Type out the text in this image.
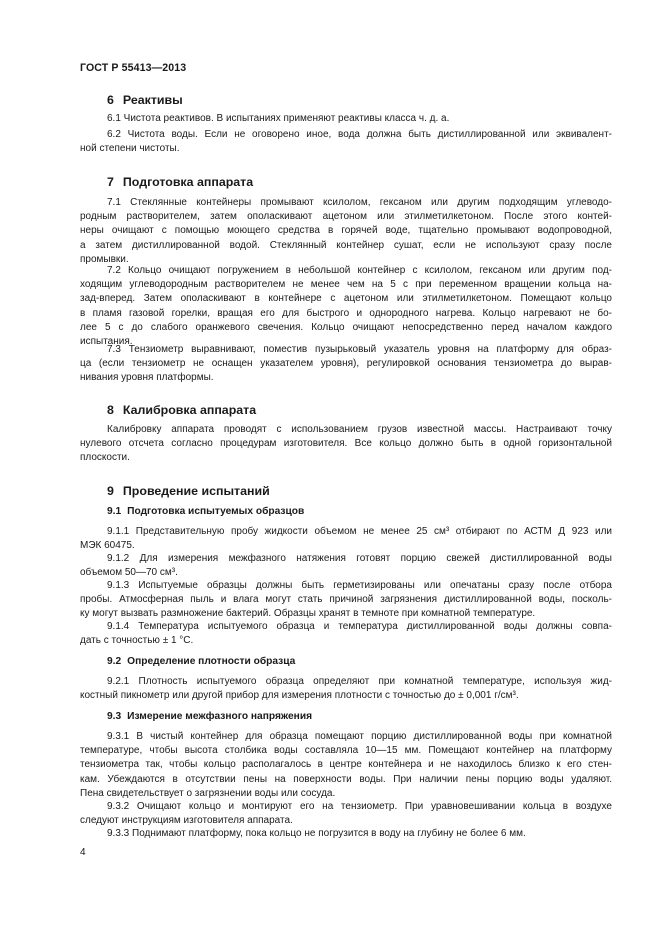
ГОСТ Р 55413—2013
6 Реактивы
6.1 Чистота реактивов. В испытаниях применяют реактивы класса ч. д. а.
6.2 Чистота воды. Если не оговорено иное, вода должна быть дистиллированной или эквивалент-
ной степени чистоты.
7 Подготовка аппарата
7.1 Стеклянные контейнеры промывают ксилолом, гексаном или другим подходящим углеводо-
родным растворителем, затем ополаскивают ацетоном или этилметилкетоном. После этого контей-
неры очищают с помощью моющего средства в горячей воде, тщательно промывают водопроводной,
а затем дистиллированной водой. Стеклянный контейнер сушат, если не используют сразу после
промывки.
7.2 Кольцо очищают погружением в небольшой контейнер с ксилолом, гексаном или другим под-
ходящим углеводородным растворителем не менее чем на 5 с при переменном вращении кольца на-
зад-вперед. Затем ополаскивают в контейнере с ацетоном или этилметилкетоном. Помещают кольцо
в пламя газовой горелки, вращая его для быстрого и однородного нагрева. Кольцо нагревают не бо-
лее 5 с до слабого оранжевого свечения. Кольцо очищают непосредственно перед началом каждого
испытания.
7.3 Тензиометр выравнивают, поместив пузырьковый указатель уровня на платформу для образ-
ца (если тензиометр не оснащен указателем уровня), регулировкой основания тензиометра до вырав-
нивания уровня платформы.
8 Калибровка аппарата
Калибровку аппарата проводят с использованием грузов известной массы. Настраивают точку
нулевого отсчета согласно процедурам изготовителя. Все кольцо должно быть в одной горизонтальной
плоскости.
9 Проведение испытаний
9.1 Подготовка испытуемых образцов
9.1.1 Представительную пробу жидкости объемом не менее 25 см³ отбирают по АСТМ Д 923 или
МЭК 60475.
9.1.2 Для измерения межфазного натяжения готовят порцию свежей дистиллированной воды
объемом 50—70 см³.
9.1.3 Испытуемые образцы должны быть герметизированы или опечатаны сразу после отбора
пробы. Атмосферная пыль и влага могут стать причиной загрязнения дистиллированной воды, посколь-
ку могут вызвать размножение бактерий. Образцы хранят в темноте при комнатной температуре.
9.1.4 Температура испытуемого образца и температура дистиллированной воды должны совпа-
дать с точностью ± 1 °С.
9.2 Определение плотности образца
9.2.1 Плотность испытуемого образца определяют при комнатной температуре, используя жид-
костный пикнометр или другой прибор для измерения плотности с точностью до ± 0,001 г/см³.
9.3 Измерение межфазного напряжения
9.3.1 В чистый контейнер для образца помещают порцию дистиллированной воды при комнатной
температуре, чтобы высота столбика воды составляла 10—15 мм. Помещают контейнер на платформу
тензиометра так, чтобы кольцо располагалось в центре контейнера и не находилось близко к его стен-
кам. Убеждаются в отсутствии пены на поверхности воды. При наличии пены порцию воды удаляют.
Пена свидетельствует о загрязнении воды или сосуда.
9.3.2 Очищают кольцо и монтируют его на тензиометр. При уравновешивании кольца в воздухе
следуют инструкциям изготовителя аппарата.
9.3.3 Поднимают платформу, пока кольцо не погрузится в воду на глубину не более 6 мм.
4
